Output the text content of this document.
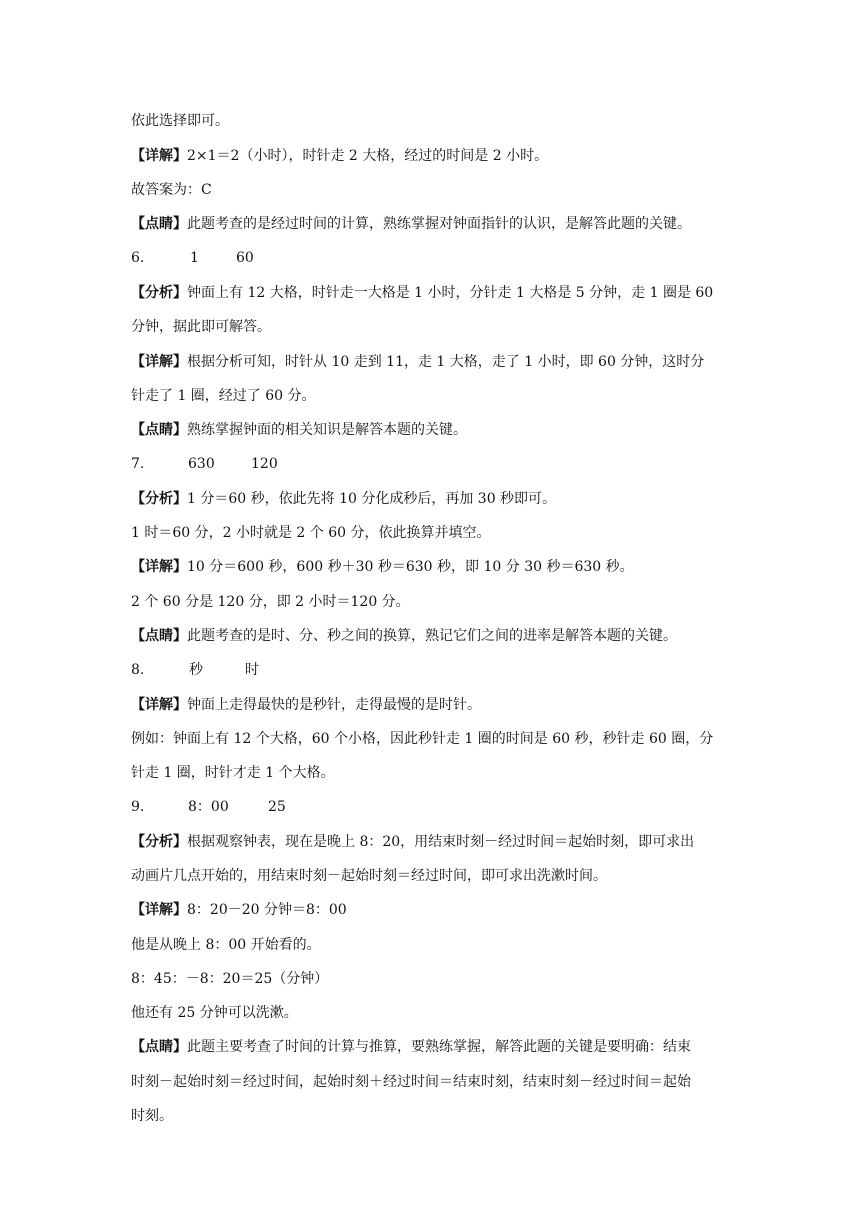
依此选择即可。
【详解】2×1＝2（小时），时针走 2 大格，经过的时间是 2 小时。
故答案为：C
【点睛】此题考查的是经过时间的计算，熟练掌握对钟面指针的认识，是解答此题的关键。
6.	1	60
【分析】钟面上有 12 大格，时针走一大格是 1 小时，分针走 1 大格是 5 分钟，走 1 圈是 60
分钟，据此即可解答。
【详解】根据分析可知，时针从 10 走到 11，走 1 大格，走了 1 小时，即 60 分钟，这时分
针走了 1 圈，经过了 60 分。
【点睛】熟练掌握钟面的相关知识是解答本题的关键。
7.	630	120
【分析】1 分＝60 秒，依此先将 10 分化成秒后，再加 30 秒即可。
1 时＝60 分，2 小时就是 2 个 60 分，依此换算并填空。
【详解】10 分＝600 秒，600 秒＋30 秒＝630 秒，即 10 分 30 秒＝630 秒。
2 个 60 分是 120 分，即 2 小时＝120 分。
【点睛】此题考查的是时、分、秒之间的换算，熟记它们之间的进率是解答本题的关键。
8.	秒	时
【详解】钟面上走得最快的是秒针，走得最慢的是时针。
例如：钟面上有 12 个大格，60 个小格，因此秒针走 1 圈的时间是 60 秒，秒针走 60 圈，分
针走 1 圈，时针才走 1 个大格。
9.	8：00	25
【分析】根据观察钟表，现在是晚上 8：20，用结束时刻－经过时间＝起始时刻，即可求出
动画片几点开始的，用结束时刻－起始时刻＝经过时间，即可求出洗漱时间。
【详解】8：20－20 分钟＝8：00
他是从晚上 8：00 开始看的。
8：45：－8：20＝25（分钟）
他还有 25 分钟可以洗漱。
【点睛】此题主要考查了时间的计算与推算，要熟练掌握，解答此题的关键是要明确：结束
时刻－起始时刻＝经过时间，起始时刻＋经过时间＝结束时刻，结束时刻－经过时间＝起始
时刻。
